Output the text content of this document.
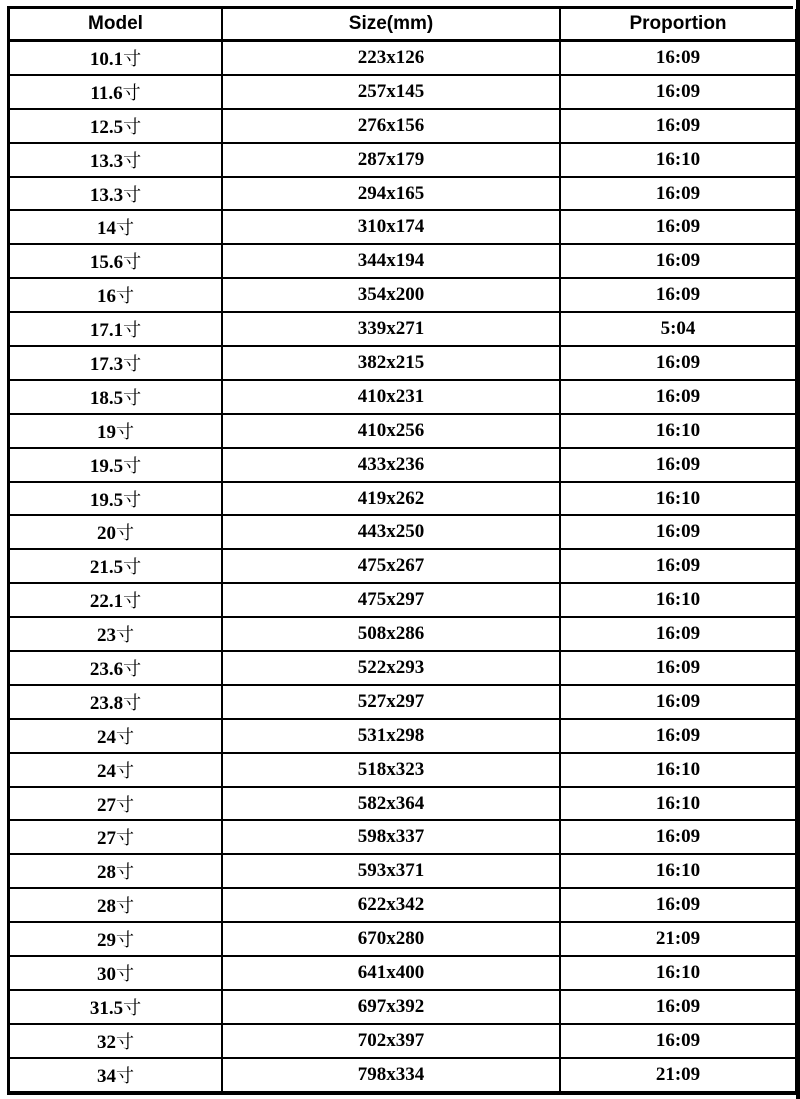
Model	Size(mm)	Proportion
10.1寸	223x126	16:09
11.6寸	257x145	16:09
12.5寸	276x156	16:09
13.3寸	287x179	16:10
13.3寸	294x165	16:09
14寸	310x174	16:09
15.6寸	344x194	16:09
16寸	354x200	16:09
17.1寸	339x271	5:04
17.3寸	382x215	16:09
18.5寸	410x231	16:09
19寸	410x256	16:10
19.5寸	433x236	16:09
19.5寸	419x262	16:10
20寸	443x250	16:09
21.5寸	475x267	16:09
22.1寸	475x297	16:10
23寸	508x286	16:09
23.6寸	522x293	16:09
23.8寸	527x297	16:09
24寸	531x298	16:09
24寸	518x323	16:10
27寸	582x364	16:10
27寸	598x337	16:09
28寸	593x371	16:10
28寸	622x342	16:09
29寸	670x280	21:09
30寸	641x400	16:10
31.5寸	697x392	16:09
32寸	702x397	16:09
34寸	798x334	21:09
